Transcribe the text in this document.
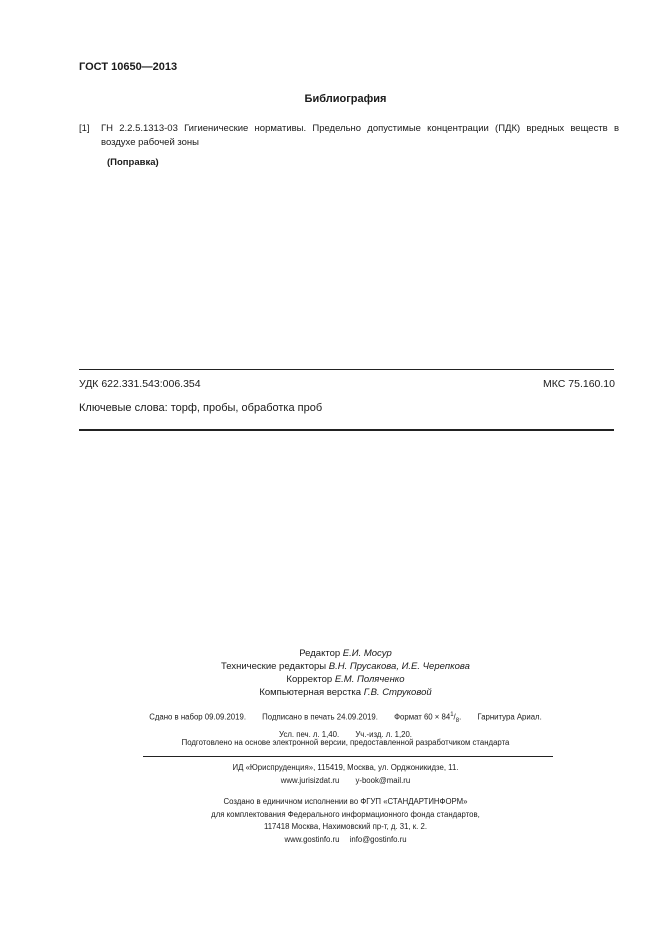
ГОСТ 10650—2013
Библиография
[1] ГН 2.2.5.1313-03 Гигиенические нормативы. Предельно допустимые концентрации (ПДК) вредных веществ в воздухе рабочей зоны
(Поправка)
УДК 622.331.543:006.354	МКС 75.160.10
Ключевые слова: торф, пробы, обработка проб
Редактор Е.И. Мосур
Технические редакторы В.Н. Прусакова, И.Е. Черепкова
Корректор Е.М. Поляченко
Компьютерная верстка Г.В. Струковой
Сдано в набор 09.09.2019. Подписано в печать 24.09.2019. Формат $60 \times 84^1/_8$. Гарнитура Ариал.
Усл. печ. л. 1,40. Уч.-изд. л. 1,20.
Подготовлено на основе электронной версии, предоставленной разработчиком стандарта
ИД «Юриспруденция», 115419, Москва, ул. Орджоникидзе, 11.
www.jurisizdat.ru y-book@mail.ru
Создано в единичном исполнении во ФГУП «СТАНДАРТИНФОРМ»
для комплектования Федерального информационного фонда стандартов,
117418 Москва, Нахимовский пр-т, д. 31, к. 2.
www.gostinfo.ru info@gostinfo.ru
